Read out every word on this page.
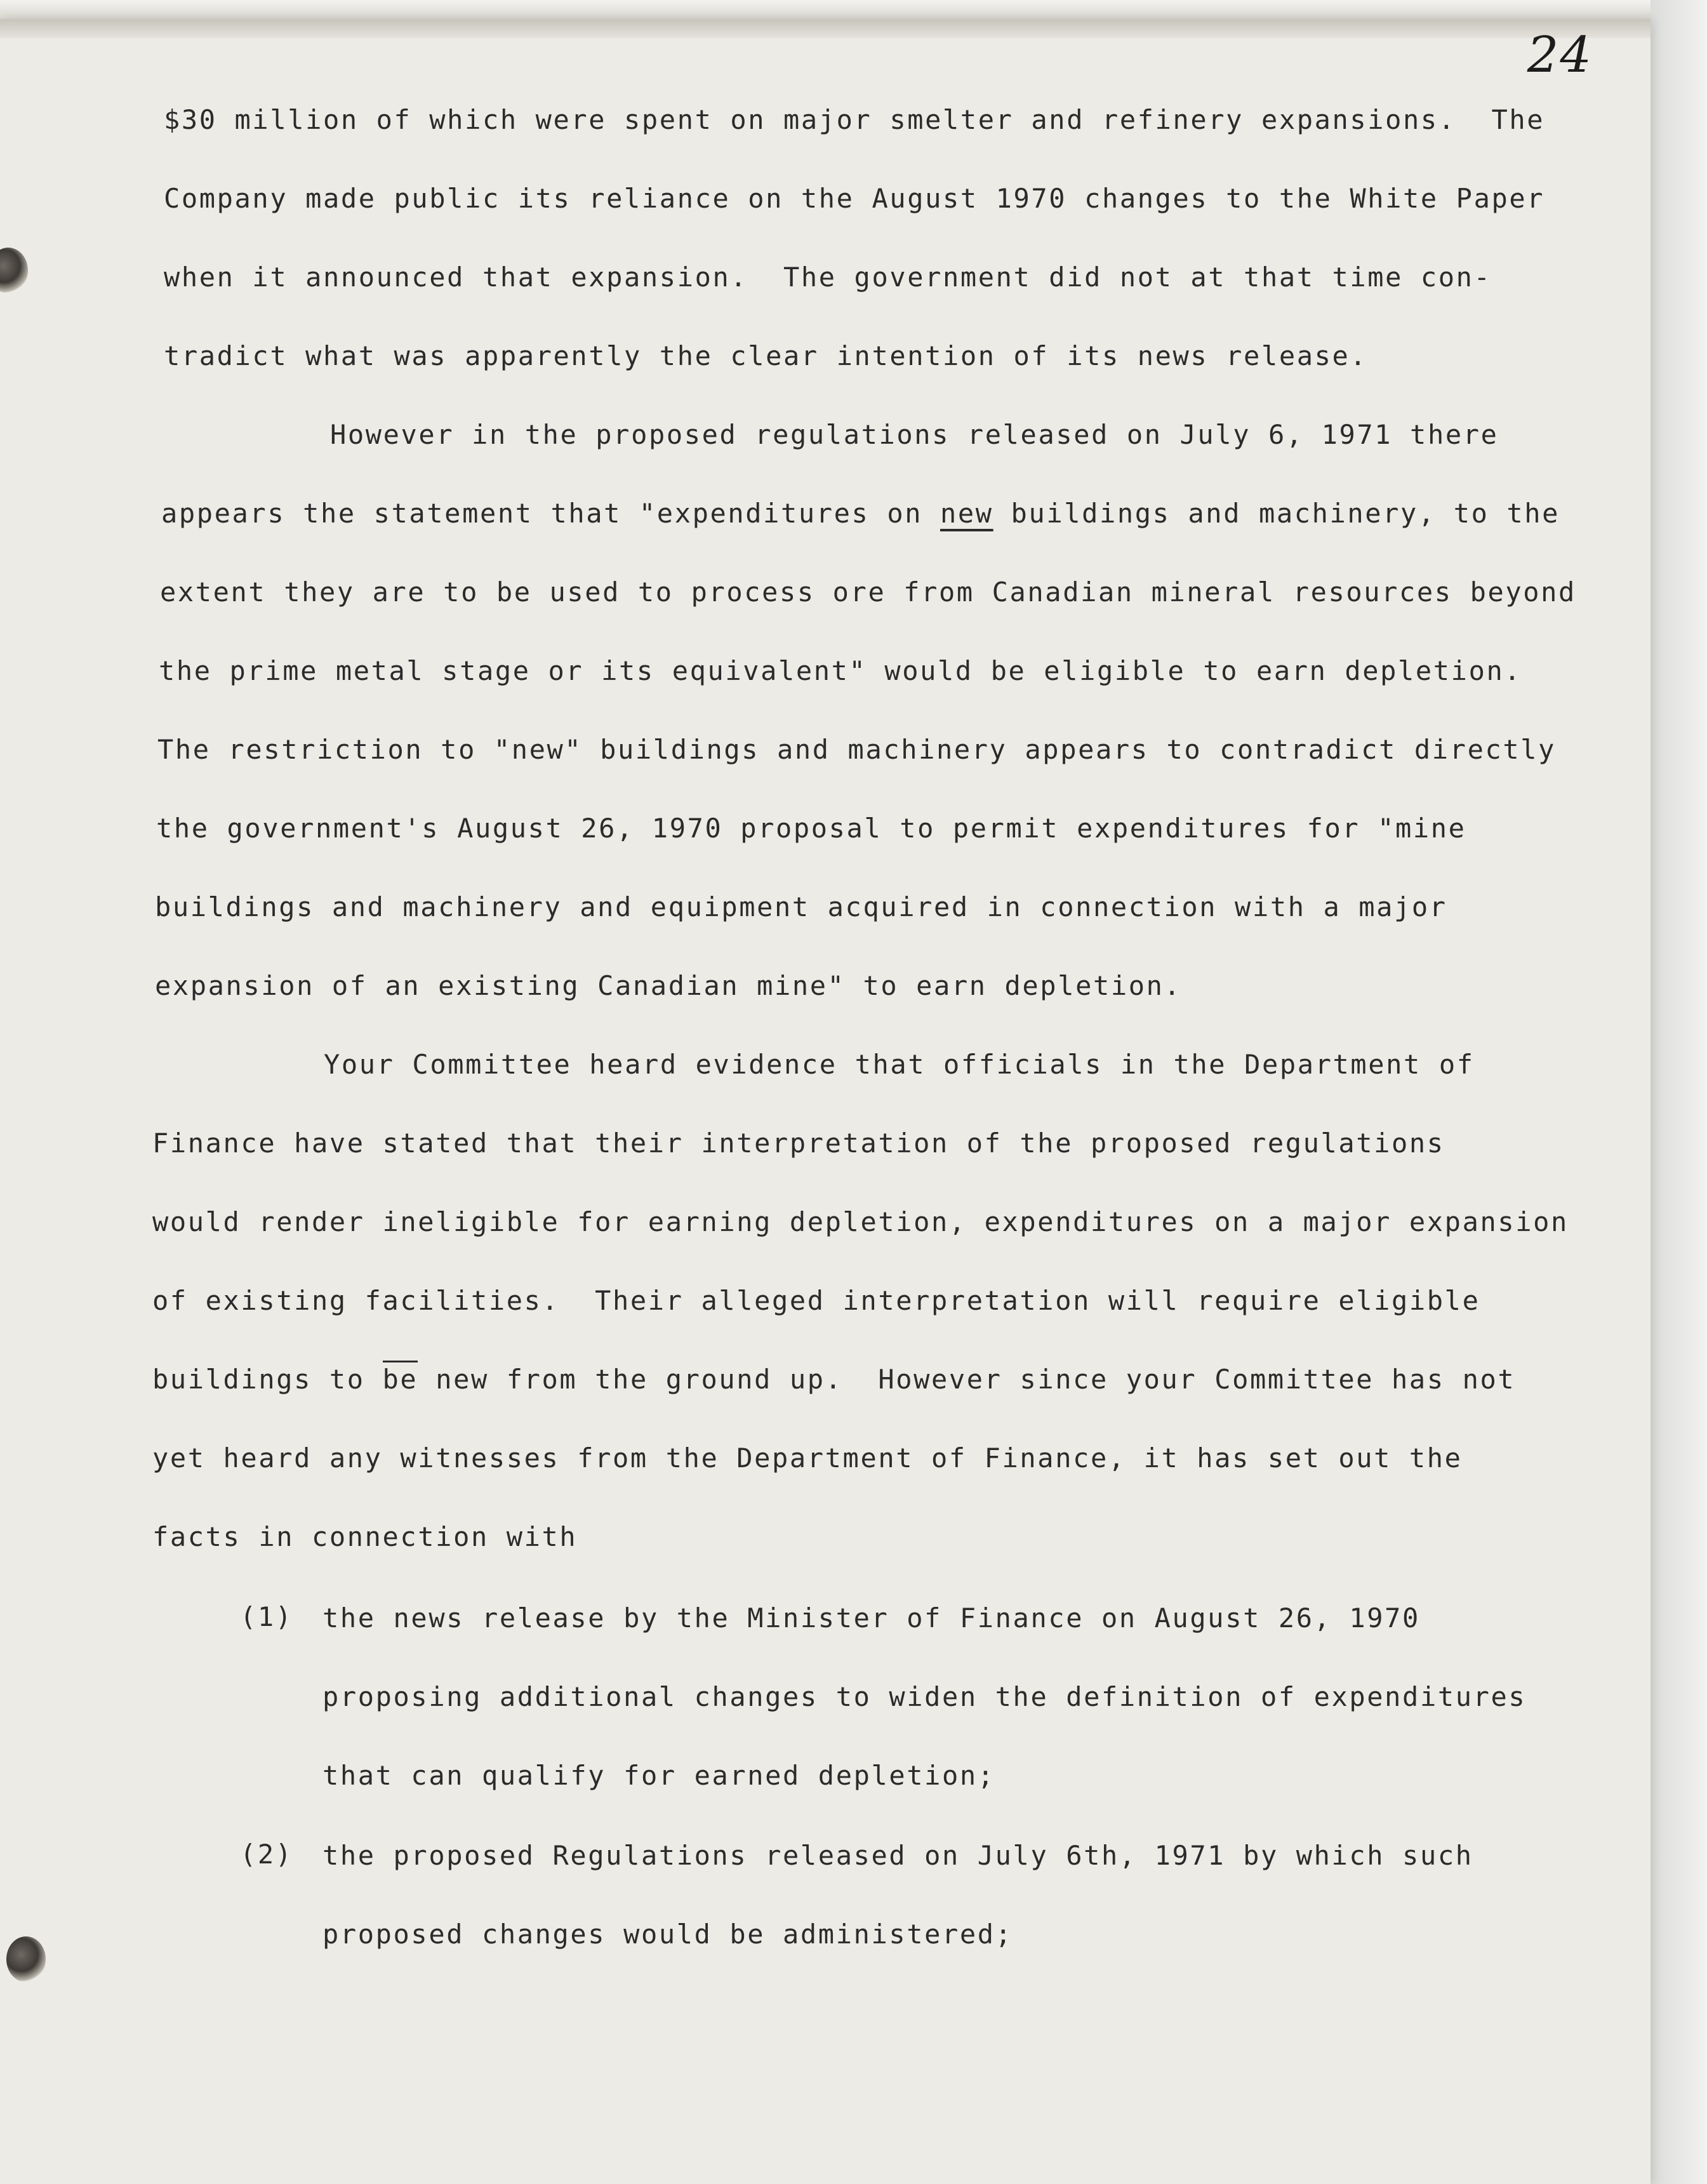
24

$30 million of which were spent on major smelter and refinery expansions.  The

Company made public its reliance on the August 1970 changes to the White Paper

when it announced that expansion.  The government did not at that time con-

tradict what was apparently the clear intention of its news release.

However in the proposed regulations released on July 6, 1971 there

appears the statement that "expenditures on new buildings and machinery, to the

extent they are to be used to process ore from Canadian mineral resources beyond

the prime metal stage or its equivalent" would be eligible to earn depletion.

The restriction to "new" buildings and machinery appears to contradict directly

the government's August 26, 1970 proposal to permit expenditures for "mine

buildings and machinery and equipment acquired in connection with a major

expansion of an existing Canadian mine" to earn depletion.

Your Committee heard evidence that officials in the Department of

Finance have stated that their interpretation of the proposed regulations

would render ineligible for earning depletion, expenditures on a major expansion

of existing facilities.  Their alleged interpretation will require eligible

buildings to be new from the ground up.  However since your Committee has not

yet heard any witnesses from the Department of Finance, it has set out the

facts in connection with

(1)

the news release by the Minister of Finance on August 26, 1970

proposing additional changes to widen the definition of expenditures

that can qualify for earned depletion;

(2)

the proposed Regulations released on July 6th, 1971 by which such

proposed changes would be administered;
